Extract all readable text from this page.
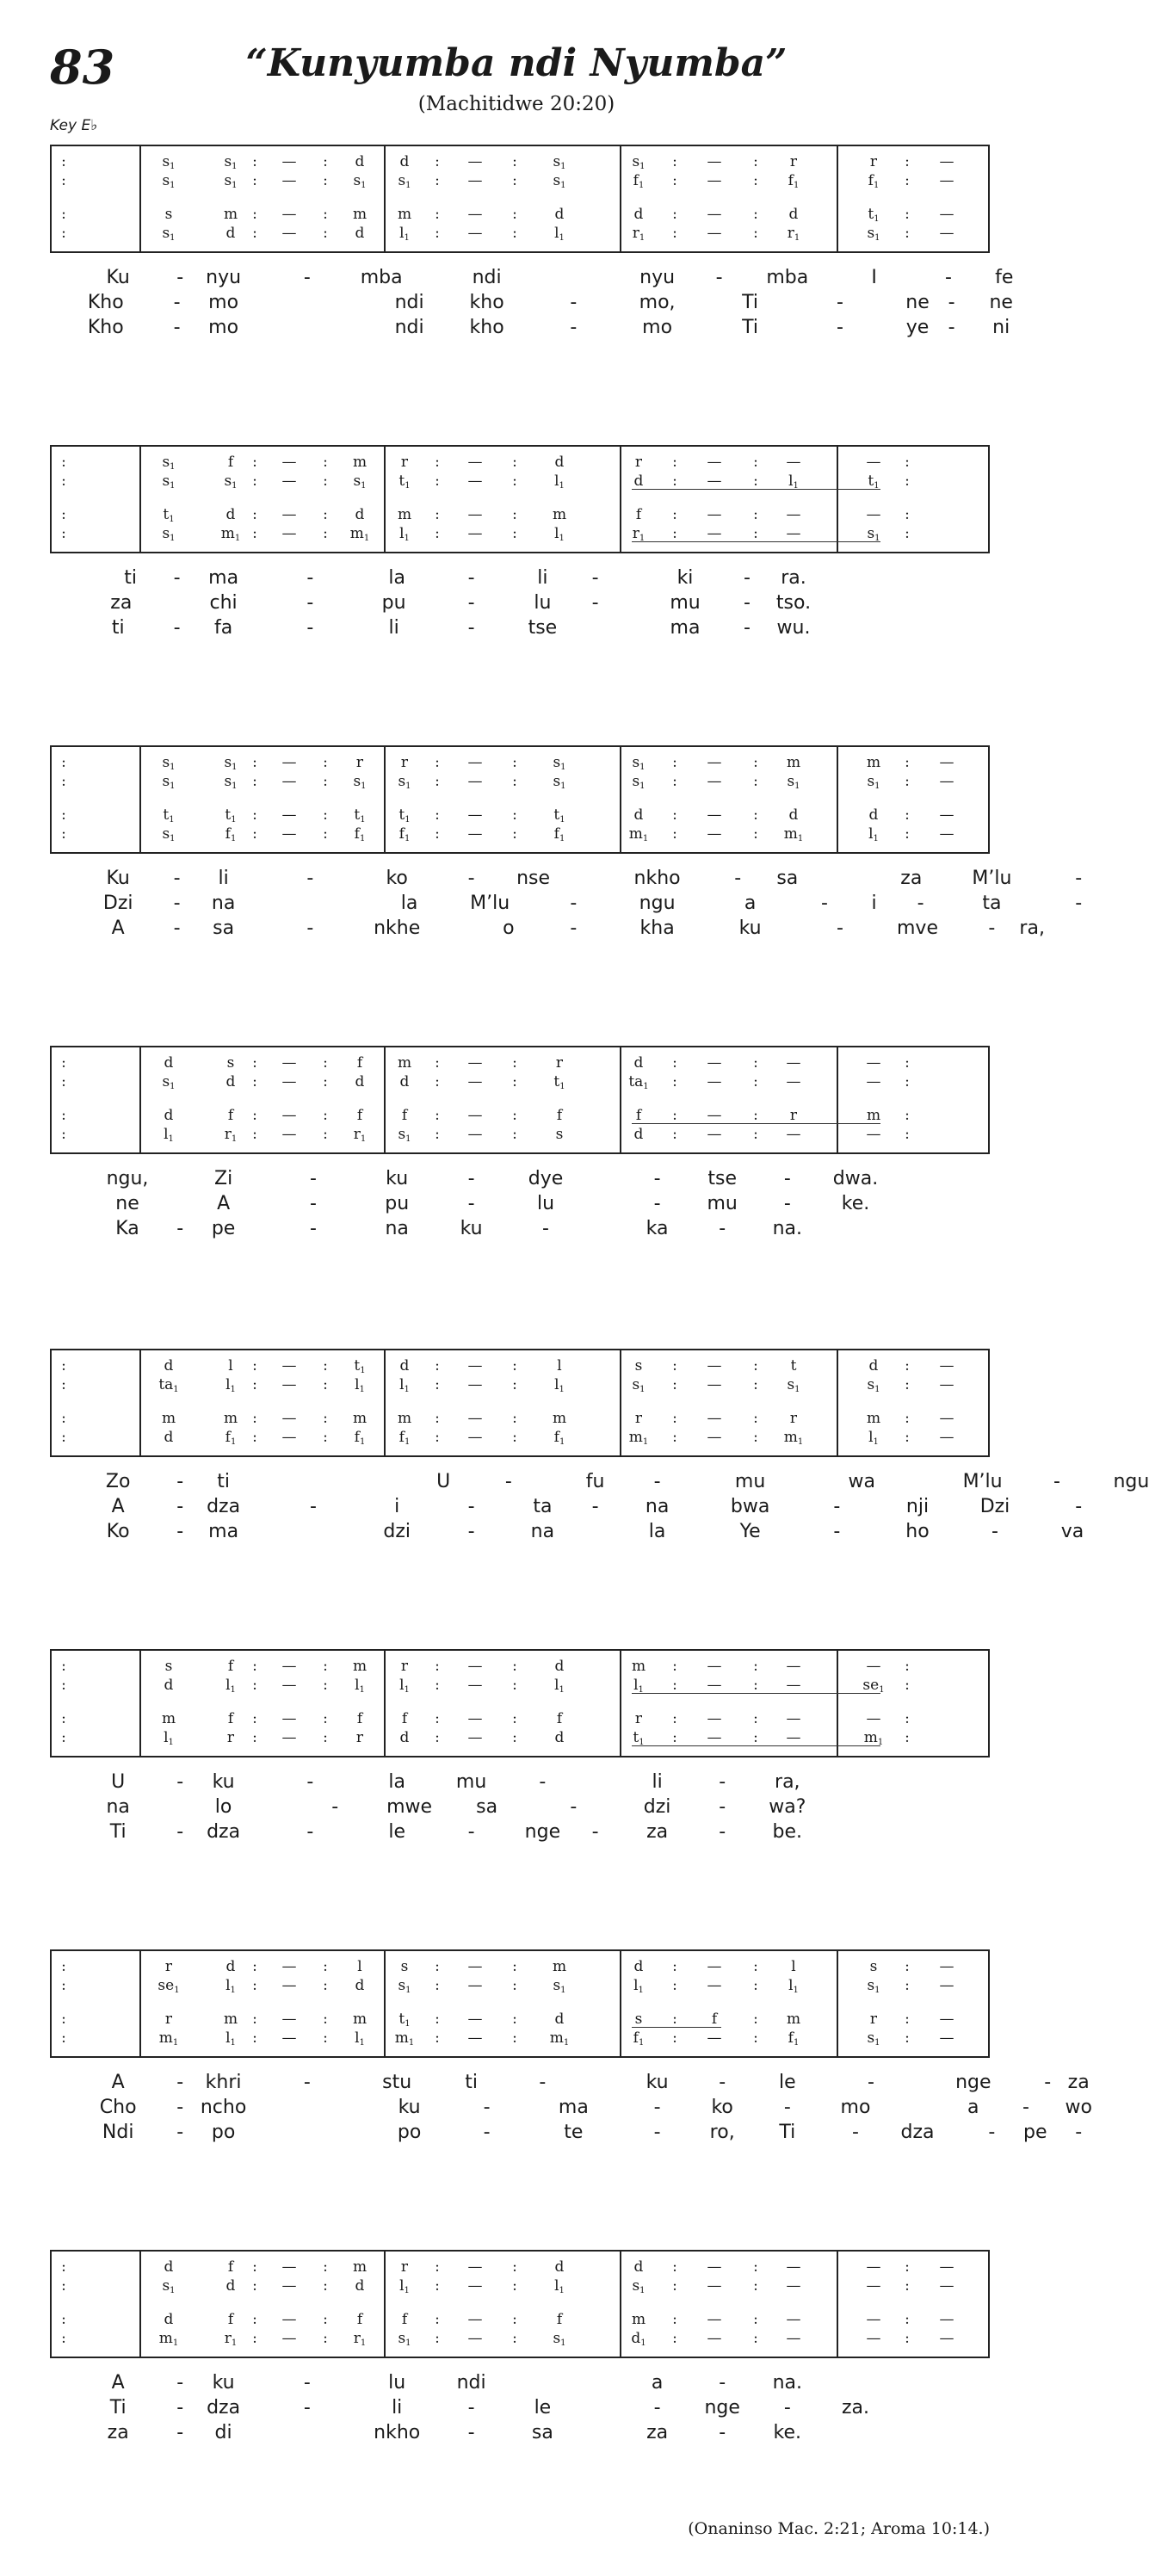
83	“Kunyumba ndi Nyumba”
(Machitidwe 20:20)
Key E♭
:	$s_1$	$s_1$ : — : d d : — : $s_1$	$s_1$ : — : r	r : —
:	$s_1$	$s_1$ : — : $s_1$ $s_1$ : — : $s_1$	$f_1$ : — : $f_1$	$f_1$ : —
:	s	m : — : m m : — :	d	d : — : d	$t_1$ : —
:	$s_1$	d : — : d $l_1$ : — :	$l_1$	$r_1$ : — : $r_1$	$s_1$ : —
Ku - nyu	-	mba	ndi	nyu - mba	I	- fe
Kho	- mo	ndi kho	-	mo,	Ti	-	ne - ne
Kho	- mo	ndi kho	-	mo	Ti	-	ye - ni
:	$s_1$	f : — : m r : — :	d	r : — : —	— :
:	$s_1$	$s_1$ : — : $s_1$ $t_1$ : — :	$l_1$	d : — : $l_1$	$t_1$ :
:	$t_1$	d : — : d m : — : m	f : — : —	— :
:	$s_1$	$m_1$ : — : $m_1$ $l_1$ : — :	$l_1$	$r_1$ : — : —	$s_1$ :
ti - ma	-	la	-	li -	ki	- ra.
za	chi	-	pu	-	lu -	mu - tso.
ti	- fa	-	li	-	tse	ma - wu.
:	$s_1$	$s_1$ : — : r	r : — : $s_1$	$s_1$ : — : m	m : —
:	$s_1$	$s_1$ : — : $s_1$ $s_1$ : — : $s_1$	$s_1$ : — : $s_1$	$s_1$ : —
:	$t_1$	$t_1$ : — : $t_1$ $t_1$ : — :	$t_1$	d : — : d	d : —
:	$s_1$	$f_1$ : — : $f_1$ $f_1$ : — :	$f_1$	$m_1$ : — : $m_1$	$l_1$ : —
Ku - li	-	ko	- nse	nkho	- sa	za	M’lu	-
Dzi - na	la	M’lu	-	ngu	a	- i -	ta	-
A	- sa	-	nkhe	o	-	kha	ku	-	mve	- ra,
:	d	s : — : f m : — :	r	d : — : —	— :
:	$s_1$	d : — : d d : — :	$t_1$	$ta_1$ : — : —	— :
:	d	f : — : f	f : — :	f	f : — : r	m :
:	$l_1$	$r_1$ : — : $r_1$ $s_1$ : — :	s	d : — : —	— :
ngu,	Zi	-	ku	-	dye	- tse - dwa.
ne	A	-	pu	-	lu	- mu -	ke.
Ka - pe	-	na	ku	-	ka	- na.
:	d	l : — : $t_1$ d : — :	l	s : — : t	d : —
:	$ta_1$	$l_1$ : — : $l_1$ $l_1$ : — :	$l_1$	$s_1$ : — : $s_1$	$s_1$ : —
:	m	m : — : m m : — : m	r : — : r	m : —
:	d	$f_1$ : — : $f_1$ $f_1$ : — :	$f_1$	$m_1$ : — : $m_1$	$l_1$ : —
Zo - ti	U	-	fu	-	mu	wa	M’lu	-	ngu
A	- dza	-	i	-	ta - na	bwa	-	nji	Dzi	-
Ko - ma	dzi	-	na	la	Ye	-	ho	-	va
:	s	f : — : m r : — :	d	m : — : —	— :
:	d	$l_1$ : — : $l_1$ $l_1$ : — :	$l_1$	$l_1$ : — : —	$se_1$ :
:	m	f : — : f	f : — :	f	r : — : —	— :
:	$l_1$	r : — : r d : — :	d	$t_1$ : — : —	$m_1$ :
U	- ku	-	la	mu	-	li	-	ra,
na	lo	-	mwe sa	-	dzi	- wa?
Ti	- dza	-	le	-	nge -	za	- be.
:	r	d : — : l	s : — : m	d : — : l	s : —
:	$se_1$	$l_1$ : — : d $s_1$ : — : $s_1$	$l_1$ : — : $l_1$	$s_1$ : —
:	r	m : — : m $t_1$ : — :	d	s : f : m	r : —
:	$m_1$	$l_1$ : — : $l_1$ $m_1$ : — : $m_1$	$f_1$ : — : $f_1$	$s_1$ : —
A	- khri	-	stu	ti	-	ku	-	le	-	nge	- za
Cho - ncho	ku	-	ma	-	ko	-	mo	a - wo
Ndi - po	po	-	te	-	ro, Ti	- dza	- pe -
:	d	f : — : m r : — :	d	d : — : —	— : —
:	$s_1$	d : — : d $l_1$ : — :	$l_1$	$s_1$ : — : —	— : —
:	d	f : — : f	f : — :	f	m : — : —	— : —
:	$m_1$	$r_1$ : — : $r_1$ $s_1$ : — : $s_1$	$d_1$ : — : —	— : —
A	- ku	-	lu	ndi	a	- na.
Ti	- dza	-	li	-	le	- nge -	za.
za	- di	nkho	-	sa	za	-	ke.
(Onaninso Mac. 2:21; Aroma 10:14.)
